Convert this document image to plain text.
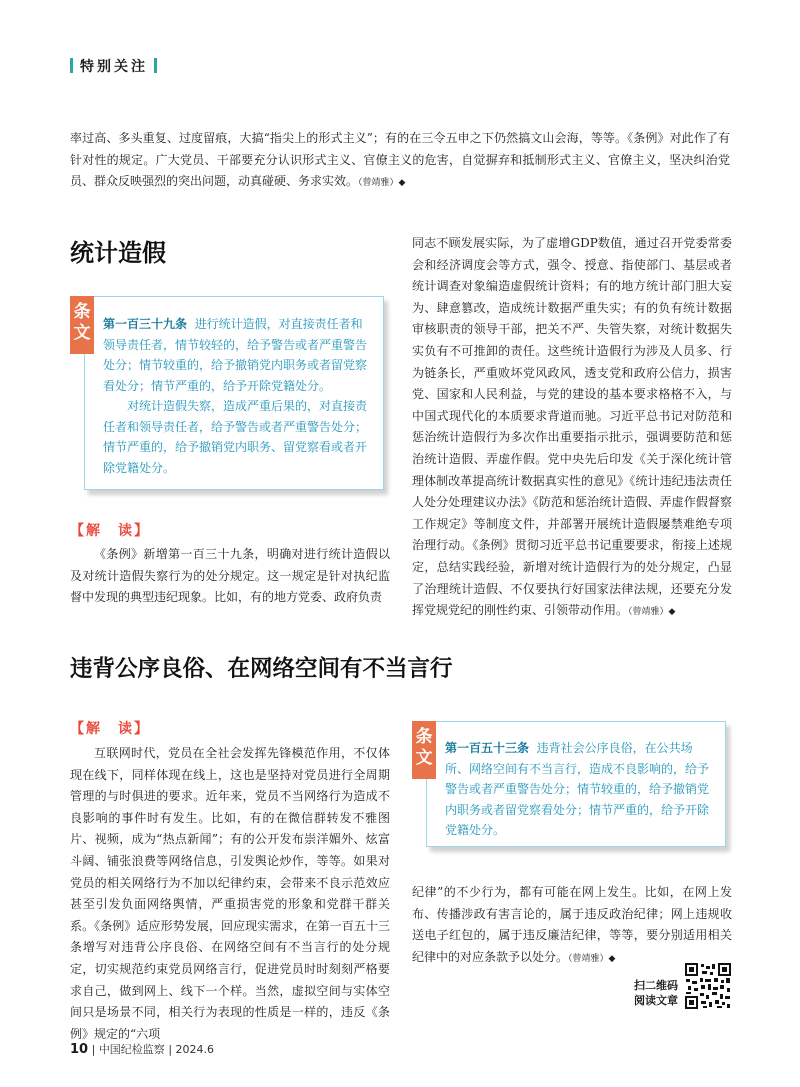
特别关注

率过高、多头重复、过度留痕，大搞“指尖上的形式主义”；有的在三令五申之下仍然搞文山会海，等等。《条例》对此作了有针对性的规定。广大党员、干部要充分认识形式主义、官僚主义的危害，自觉摒弃和抵制形式主义、官僚主义，坚决纠治党员、群众反映强烈的突出问题，动真碰硬、务求实效。（曾靖雅）◆

统计造假
条
文 第一百三十九条 进行统计造假，对直接责任者和领导责任者，情节较轻的，给予警告或者严重警告处分；情节较重的，给予撤销党内职务或者留党察看处分；情节严重的，给予开除党籍处分。
对统计造假失察，造成严重后果的，对直接责任者和领导责任者，给予警告或者严重警告处分；情节严重的，给予撤销党内职务、留党察看或者开除党籍处分。

【解　读】

《条例》新增第一百三十九条，明确对进行统计造假以及对统计造假失察行为的处分规定。这一规定是针对执纪监督中发现的典型违纪现象。比如，有的地方党委、政府负责

同志不顾发展实际，为了虚增GDP数值，通过召开党委常委会和经济调度会等方式，强令、授意、指使部门、基层或者统计调查对象编造虚假统计资料；有的地方统计部门胆大妄为、肆意篡改，造成统计数据严重失实；有的负有统计数据审核职责的领导干部，把关不严、失管失察，对统计数据失实负有不可推卸的责任。这些统计造假行为涉及人员多、行为链条长，严重败坏党风政风，透支党和政府公信力，损害党、国家和人民利益，与党的建设的基本要求格格不入，与中国式现代化的本质要求背道而驰。习近平总书记对防范和惩治统计造假行为多次作出重要指示批示，强调要防范和惩治统计造假、弄虚作假。党中央先后印发《关于深化统计管理体制改革提高统计数据真实性的意见》《统计违纪违法责任人处分处理建议办法》《防范和惩治统计造假、弄虚作假督察工作规定》等制度文件，并部署开展统计造假屡禁难绝专项治理行动。《条例》贯彻习近平总书记重要要求，衔接上述规定，总结实践经验，新增对统计造假行为的处分规定，凸显了治理统计造假、不仅要执行好国家法律法规，还要充分发挥党规党纪的刚性约束、引领带动作用。（曾靖雅）◆

违背公序良俗、在网络空间有不当言行
【解　读】

互联网时代，党员在全社会发挥先锋模范作用，不仅体现在线下，同样体现在线上，这也是坚持对党员进行全周期管理的与时俱进的要求。近年来，党员不当网络行为造成不良影响的事件时有发生。比如，有的在微信群转发不雅图片、视频，成为“热点新闻”；有的公开发布崇洋媚外、炫富斗阔、铺张浪费等网络信息，引发舆论炒作，等等。如果对党员的相关网络行为不加以纪律约束，会带来不良示范效应甚至引发负面网络舆情，严重损害党的形象和党群干群关系。《条例》适应形势发展，回应现实需求，在第一百五十三条增写对违背公序良俗、在网络空间有不当言行的处分规定，切实规范约束党员网络言行，促进党员时时刻刻严格要求自己，做到网上、线下一个样。当然，虚拟空间与实体空间只是场景不同，相关行为表现的性质是一样的，违反《条例》规定的“六项

条
文 第一百五十三条 违背社会公序良俗，在公共场所、网络空间有不当言行，造成不良影响的，给予警告或者严重警告处分；情节较重的，给予撤销党内职务或者留党察看处分；情节严重的，给予开除党籍处分。

纪律”的不少行为，都有可能在网上发生。比如，在网上发布、传播涉政有害言论的，属于违反政治纪律；网上违规收送电子红包的，属于违反廉洁纪律，等等，要分别适用相关纪律中的对应条款予以处分。（曾靖雅）◆

扫二维码
阅读文章
10 | 中国纪检监察 | 2024.6
